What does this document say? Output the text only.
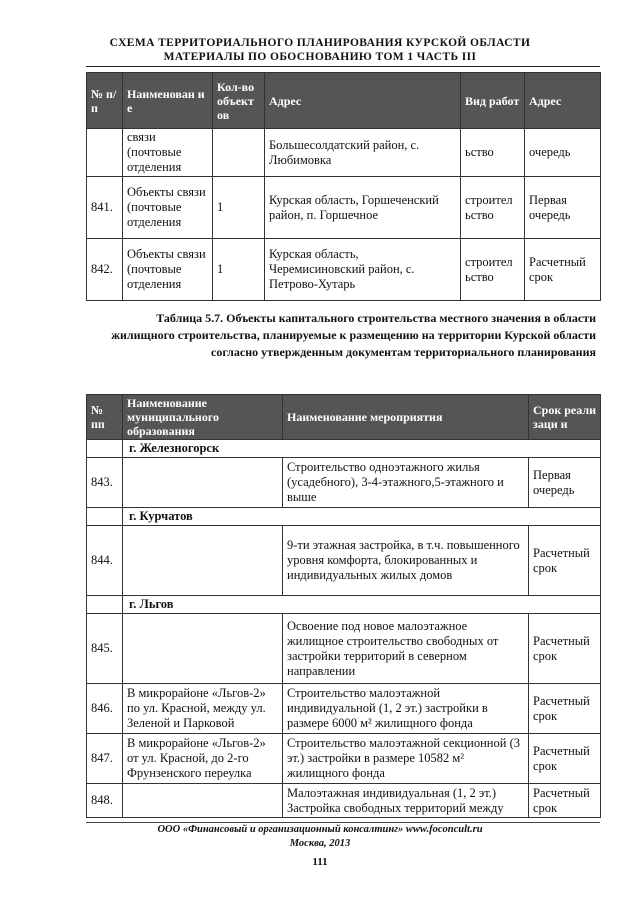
СХЕМА ТЕРРИТОРИАЛЬНОГО ПЛАНИРОВАНИЯ КУРСКОЙ ОБЛАСТИ
МАТЕРИАЛЫ ПО ОБОСНОВАНИЮ ТОМ 1 ЧАСТЬ III
№ п/п	Наименован ие	Кол-во объект ов	Адрес	Вид работ	Адрес
	связи (почтовые отделения		Большесолдатский район, с. Любимовка	ьство	очередь
841.	Объекты связи (почтовые отделения	1	Курская область, Горшеченский район, п. Горшечное	строител ьство	Первая очередь
842.	Объекты связи (почтовые отделения	1	Курская область, Черемисиновский район, с. Петрово-Хутарь	строител ьство	Расчетный срок
Таблица 5.7. Объекты капитального строительства местного значения в области жилищного строительства, планируемые к размещению на территории Курской области согласно утвержденным документам территориального планирования
№ пп	Наименование муниципального образования	Наименование мероприятия	Срок реализаци и
	г. Железногорск		
843.		Строительство одноэтажного жилья (усадебного), 3-4-этажного,5-этажного и выше	Первая очередь
	г. Курчатов		
844.		9-ти этажная застройка, в т.ч. повышенного уровня комфорта, блокированных и индивидуальных жилых домов	Расчетный срок
	г. Льгов		
845.		Освоение под новое малоэтажное жилищное строительство свободных от застройки территорий в северном направлении	Расчетный срок
846.	В микрорайоне «Льгов-2» по ул. Красной, между ул. Зеленой и Парковой	Строительство малоэтажной индивидуальной (1, 2 эт.) застройки в размере 6000 м² жилищного фонда	Расчетный срок
847.	В микрорайоне «Льгов-2» от ул. Красной, до 2-го Фрунзенского переулка	Строительство малоэтажной секционной (3 эт.) застройки в размере 10582 м² жилищного фонда	Расчетный срок
848.		Малоэтажная индивидуальная (1, 2 эт.) Застройка свободных территорий между	Расчетный срок
ООО «Финансовый и организационный консалтинг» www.foconcult.ru
Москва, 2013
111
